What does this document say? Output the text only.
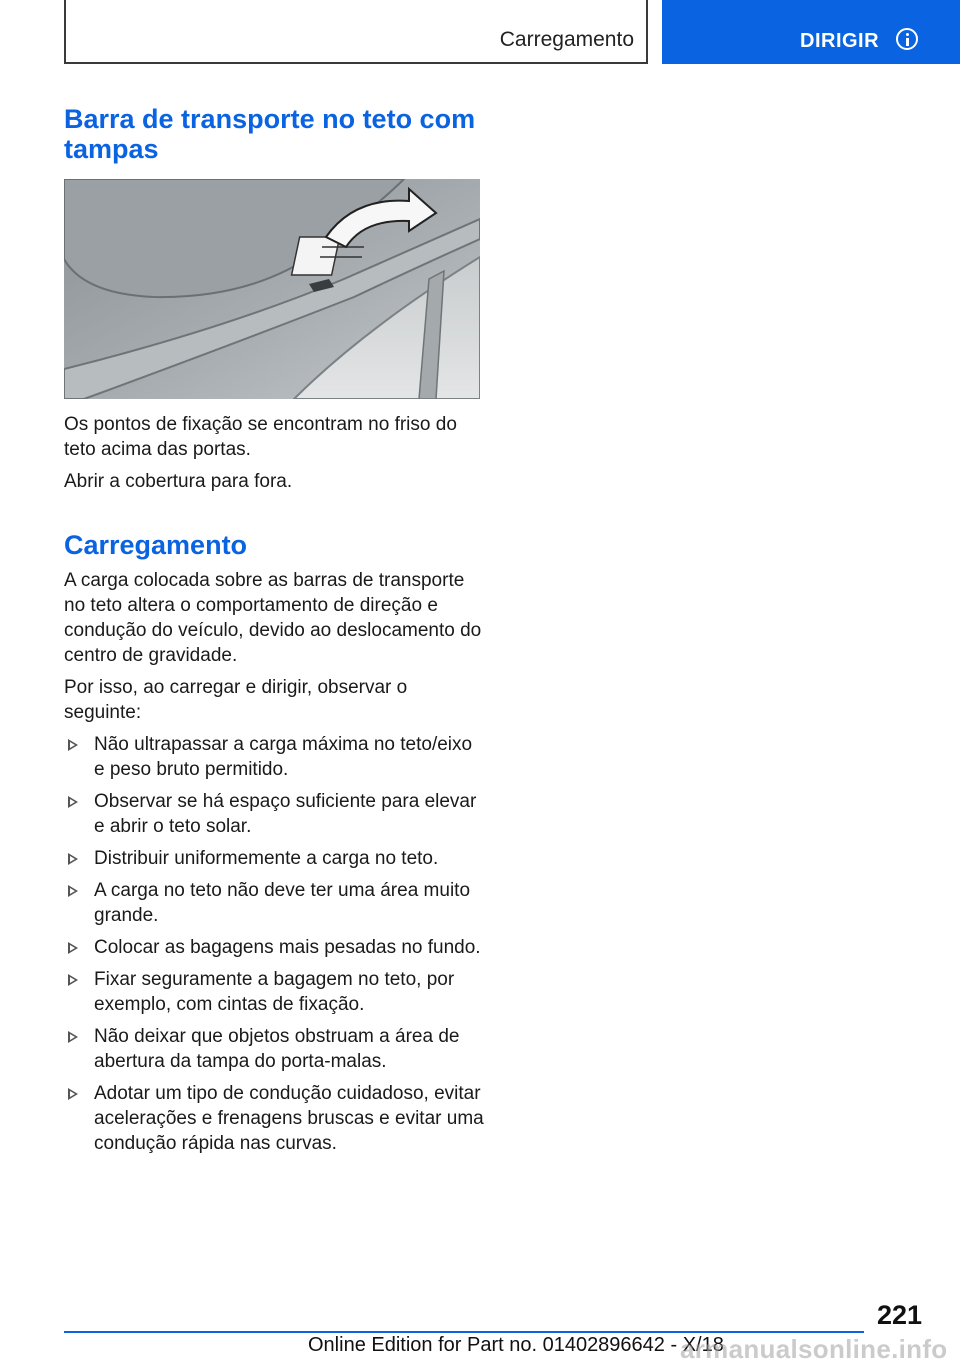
Carregamento	DIRIGIR
Barra de transporte no teto com tampas
Os pontos de fixação se encontram no friso do teto acima das portas.
Abrir a cobertura para fora.
Carregamento
A carga colocada sobre as barras de transporte no teto altera o comportamento de direção e condução do veículo, devido ao deslocamento do centro de gravidade.
Por isso, ao carregar e dirigir, observar o seguinte:
Não ultrapassar a carga máxima no teto/eixo e peso bruto permitido.
Observar se há espaço suficiente para elevar e abrir o teto solar.
Distribuir uniformemente a carga no teto.
A carga no teto não deve ter uma área muito grande.
Colocar as bagagens mais pesadas no fundo.
Fixar seguramente a bagagem no teto, por exemplo, com cintas de fixação.
Não deixar que objetos obstruam a área de abertura da tampa do porta-malas.
Adotar um tipo de condução cuidadoso, evitar acelerações e frenagens bruscas e evitar uma condução rápida nas curvas.
221
Online Edition for Part no. 01402896642 - X/18
armanualsonline.info
